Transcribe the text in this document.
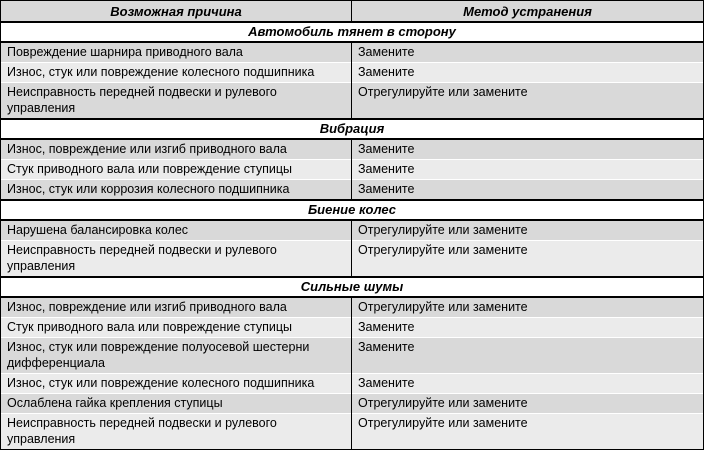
Возможная причина	Метод устранения
Автомобиль тянет в сторону	
Повреждение шарнира приводного вала	Замените
Износ, стук или повреждение колесного подшипника	Замените
Неисправность передней подвески и рулевого управления	Отрегулируйте или замените
Вибрация	
Износ, повреждение или изгиб приводного вала	Замените
Стук приводного вала или повреждение ступицы	Замените
Износ, стук или коррозия колесного подшипника	Замените
Биение колес	
Нарушена балансировка колес	Отрегулируйте или замените
Неисправность передней подвески и рулевого управления	Отрегулируйте или замените
Сильные шумы	
Износ, повреждение или изгиб приводного вала	Отрегулируйте или замените
Стук приводного вала или повреждение ступицы	Замените
Износ, стук или повреждение полуосевой шестерни дифференциала	Замените
Износ, стук или повреждение колесного подшипника	Замените
Ослаблена гайка крепления ступицы	Отрегулируйте или замените
Неисправность передней подвески и рулевого управления	Отрегулируйте или замените
